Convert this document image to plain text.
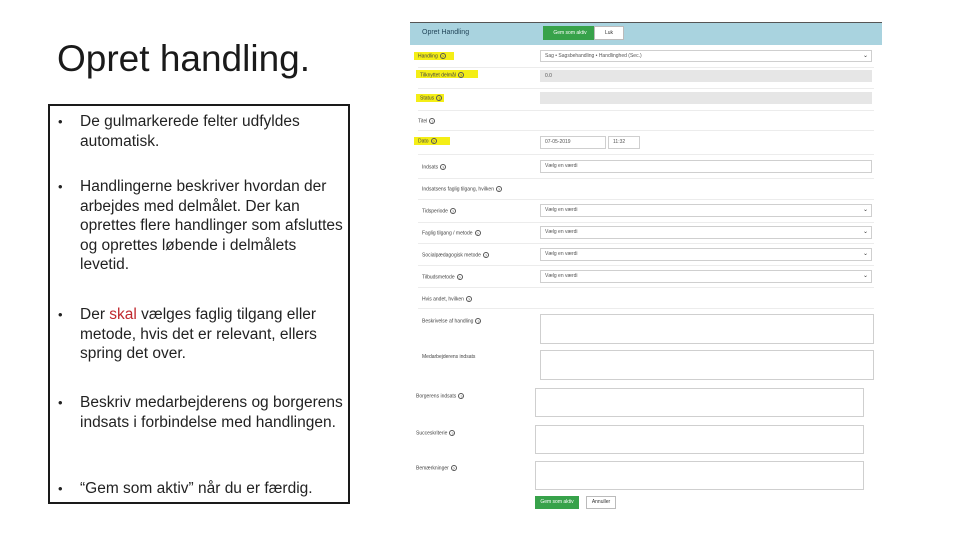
Opret handling.
• De gulmarkerede felter udfyldes automatisk.
• Handlingerne beskriver hvordan der arbejdes med delmålet. Der kan oprettes flere handlinger som afsluttes og oprettes løbende i delmålets levetid.
• Der skal vælges faglig tilgang eller metode, hvis det er relevant, ellers spring det over.
• Beskriv medarbejderens og borgerens indsats i forbindelse med handlingen.
• “Gem som aktiv” når du er færdig.
Opret Handling	Gem som aktiv	Luk
Handling ?	Sag • Sagsbehandling • Handlinghed (Sec.)	⌄
Tilknyttet delmål ?	0.0
Status ?
Titel ?
Dato ?	07-05-2019	11:32
Indsats ?	Vælg en værdi
Indsatsens faglig tilgang, hvilken ?
Tidsperiode ?	Vælg en værdi	⌄
Faglig tilgang / metode ?	Vælg en værdi	⌄
Socialpædagogisk metode ?	Vælg en værdi	⌄
Tilbudsmetode ?	Vælg en værdi	⌄
Hvis andet, hvilken ?
Beskrivelse af handling ?
Medarbejderens indsats
Borgerens indsats ?
Succeskriterie ?
Bemærkninger ?
Gem som aktiv	Annuller
